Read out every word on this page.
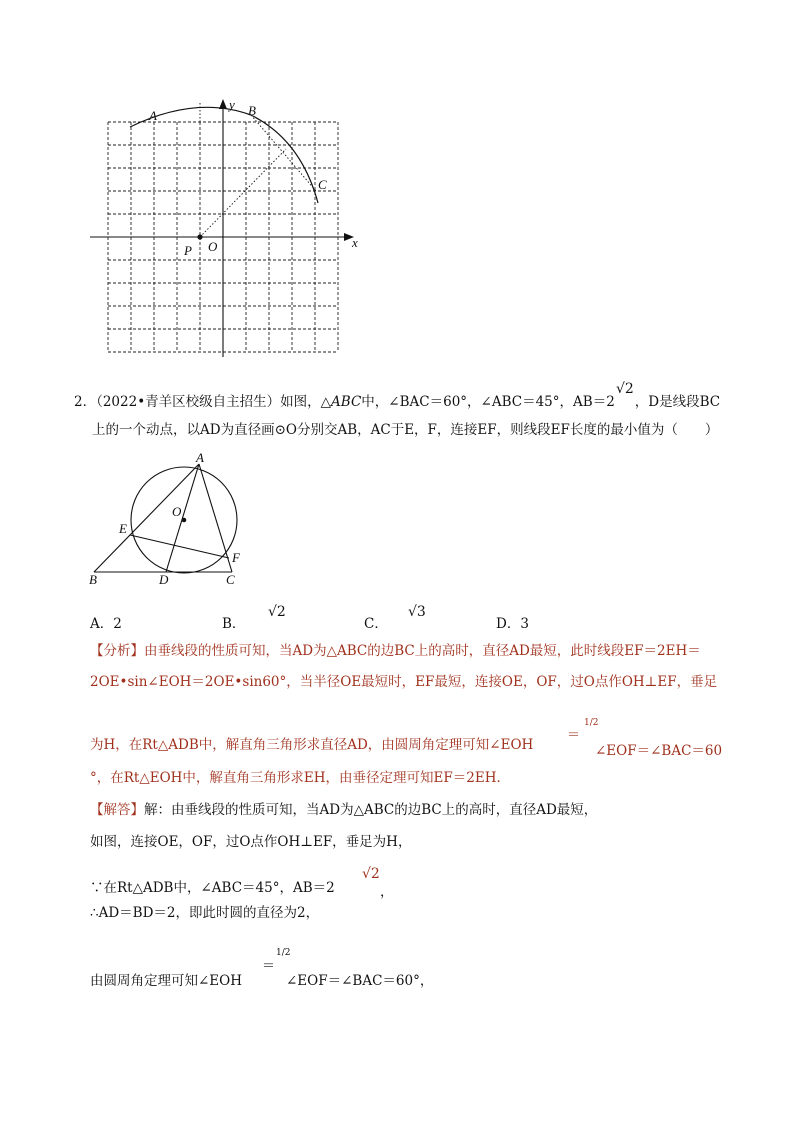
A	B
C
O
P
x
y
2．（2022•青羊区校级自主招生）如图，△ABC中，∠BAC＝60°，∠ABC＝45°，AB＝2 ，D是线段BC
√2
上的一个动点，以AD为直径画⊙O分别交AB，AC于E，F，连接EF，则线段EF长度的最小值为（　　）
A
B	C
D
E
F
O
A．2	B．
√2
C．
√3
D．3
【分析】由垂线段的性质可知，当AD为△ABC的边BC上的高时，直径AD最短，此时线段EF＝2EH＝
2OE•sin∠EOH＝2OE•sin60°，当半径OE最短时，EF最短，连接OE，OF，过O点作OH⊥EF，垂足
为H，在Rt△ADB中，解直角三角形求直径AD，由圆周角定理可知∠EOH
＝
1/2
∠EOF＝∠BAC＝60
°，在Rt△EOH中，解直角三角形求EH，由垂径定理可知EF＝2EH．
【解答】解：由垂线段的性质可知，当AD为△ABC的边BC上的高时，直径AD最短，
如图，连接OE，OF，过O点作OH⊥EF，垂足为H，
∵在Rt△ADB中，∠ABC＝45°，AB＝2
√2
，
∴AD＝BD＝2，即此时圆的直径为2，
由圆周角定理可知∠EOH
＝
1/2
∠EOF＝∠BAC＝60°，
